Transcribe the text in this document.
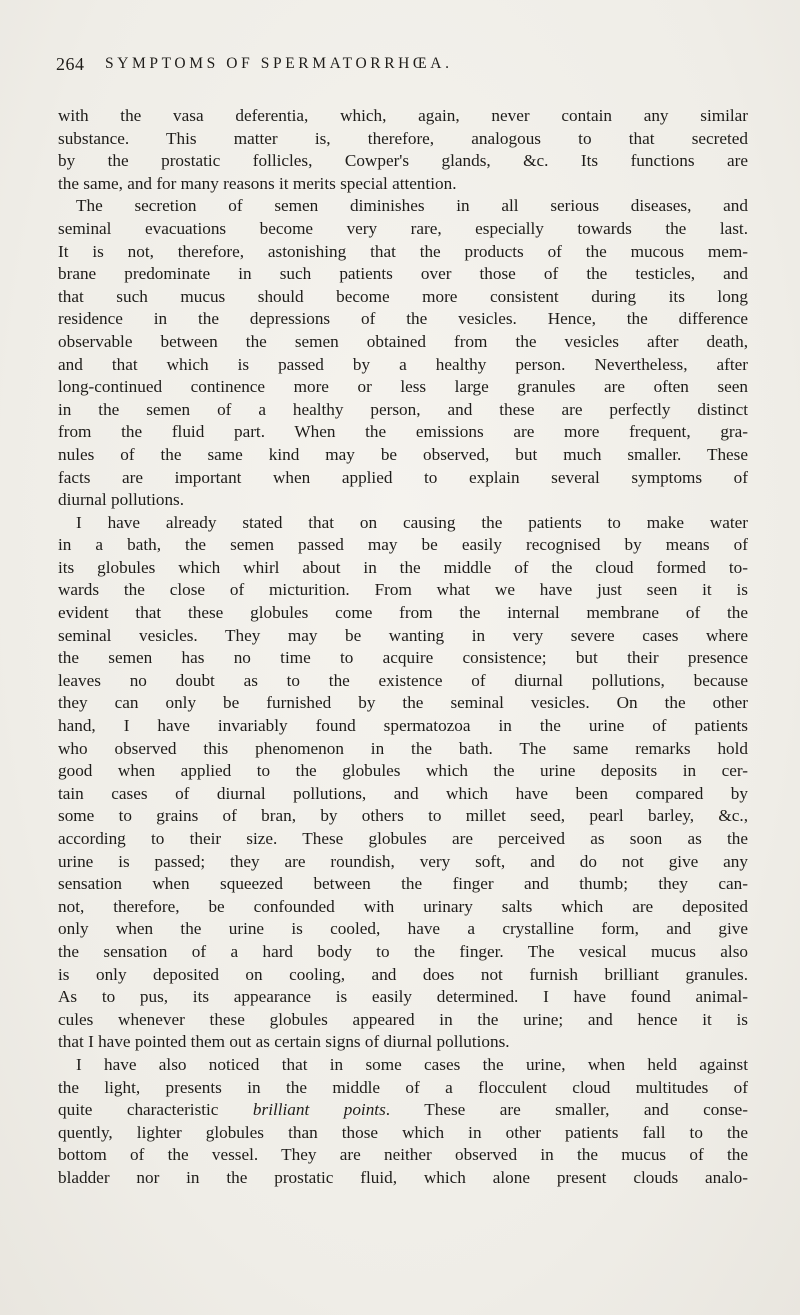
264 SYMPTOMS OF SPERMATORRHŒA.
with the vasa deferentia, which, again, never contain any similar
substance. This matter is, therefore, analogous to that secreted
by the prostatic follicles, Cowper's glands, &c. Its functions are
the same, and for many reasons it merits special attention.
The secretion of semen diminishes in all serious diseases, and
seminal evacuations become very rare, especially towards the last.
It is not, therefore, astonishing that the products of the mucous mem-
brane predominate in such patients over those of the testicles, and
that such mucus should become more consistent during its long
residence in the depressions of the vesicles. Hence, the difference
observable between the semen obtained from the vesicles after death,
and that which is passed by a healthy person. Nevertheless, after
long-continued continence more or less large granules are often seen
in the semen of a healthy person, and these are perfectly distinct
from the fluid part. When the emissions are more frequent, gra-
nules of the same kind may be observed, but much smaller. These
facts are important when applied to explain several symptoms of
diurnal pollutions.
I have already stated that on causing the patients to make water
in a bath, the semen passed may be easily recognised by means of
its globules which whirl about in the middle of the cloud formed to-
wards the close of micturition. From what we have just seen it is
evident that these globules come from the internal membrane of the
seminal vesicles. They may be wanting in very severe cases where
the semen has no time to acquire consistence; but their presence
leaves no doubt as to the existence of diurnal pollutions, because
they can only be furnished by the seminal vesicles. On the other
hand, I have invariably found spermatozoa in the urine of patients
who observed this phenomenon in the bath. The same remarks hold
good when applied to the globules which the urine deposits in cer-
tain cases of diurnal pollutions, and which have been compared by
some to grains of bran, by others to millet seed, pearl barley, &c.,
according to their size. These globules are perceived as soon as the
urine is passed; they are roundish, very soft, and do not give any
sensation when squeezed between the finger and thumb; they can-
not, therefore, be confounded with urinary salts which are deposited
only when the urine is cooled, have a crystalline form, and give
the sensation of a hard body to the finger. The vesical mucus also
is only deposited on cooling, and does not furnish brilliant granules.
As to pus, its appearance is easily determined. I have found animal-
cules whenever these globules appeared in the urine; and hence it is
that I have pointed them out as certain signs of diurnal pollutions.
I have also noticed that in some cases the urine, when held against
the light, presents in the middle of a flocculent cloud multitudes of
quite characteristic brilliant points. These are smaller, and conse-
quently, lighter globules than those which in other patients fall to the
bottom of the vessel. They are neither observed in the mucus of the
bladder nor in the prostatic fluid, which alone present clouds analo-
